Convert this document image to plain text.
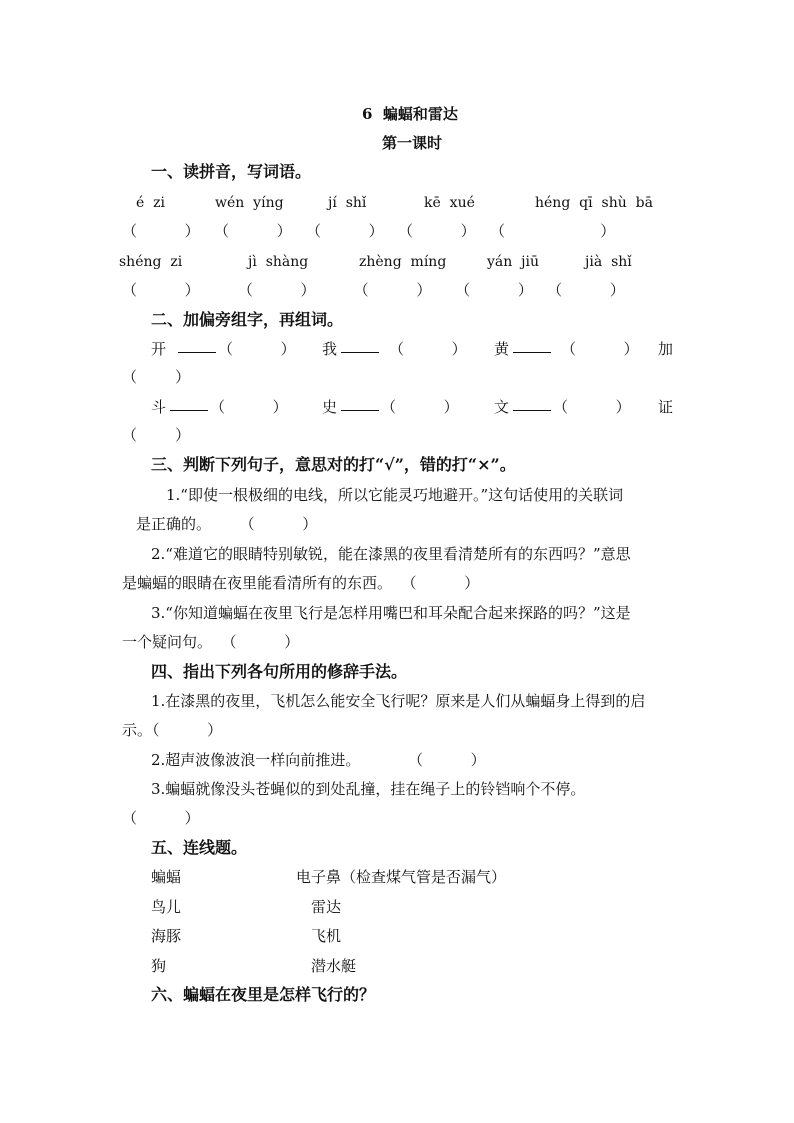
6  蝙蝠和雷达
第一课时
一、读拼音，写词语。
é  zi	wén  yíng	jí  shǐ	kē  xué	héng  qī  shù  bā
（          ）   （          ）   （          ）   （          ）   （                    ）
shéng  zi	jì  shàng	zhèng  míng	yán  jiū	jià  shǐ
（          ）        （          ）        （          ）     （          ）   （          ）
二、加偏旁组字，再组词。
开	（          ） 我	（          ） 黄	（          ） 加
（        ）
斗	（          ） 史	（          ） 文	（          ） 证
（        ）
三、判断下列句子，意思对的打“√”，错的打“×”。
1.“即使一根极细的电线，所以它能灵巧地避开。”这句话使用的关联词
是正确的。      （          ）
2.“难道它的眼睛特别敏锐，能在漆黑的夜里看清楚所有的东西吗？”意思
是蝙蝠的眼睛在夜里能看清所有的东西。  （          ）
3.“你知道蝙蝠在夜里飞行是怎样用嘴巴和耳朵配合起来探路的吗？”这是
一个疑问句。  （          ）
四、指出下列各句所用的修辞手法。
1.在漆黑的夜里，飞机怎么能安全飞行呢？原来是人们从蝙蝠身上得到的启
示。（          ）
2.超声波像波浪一样向前推进。          （          ）
3.蝙蝠就像没头苍蝇似的到处乱撞，挂在绳子上的铃铛响个不停。
（          ）
五、连线题。
蝙蝠	电子鼻（检查煤气管是否漏气）
鸟儿	雷达
海豚	飞机
狗	潜水艇
六、蝙蝠在夜里是怎样飞行的？
